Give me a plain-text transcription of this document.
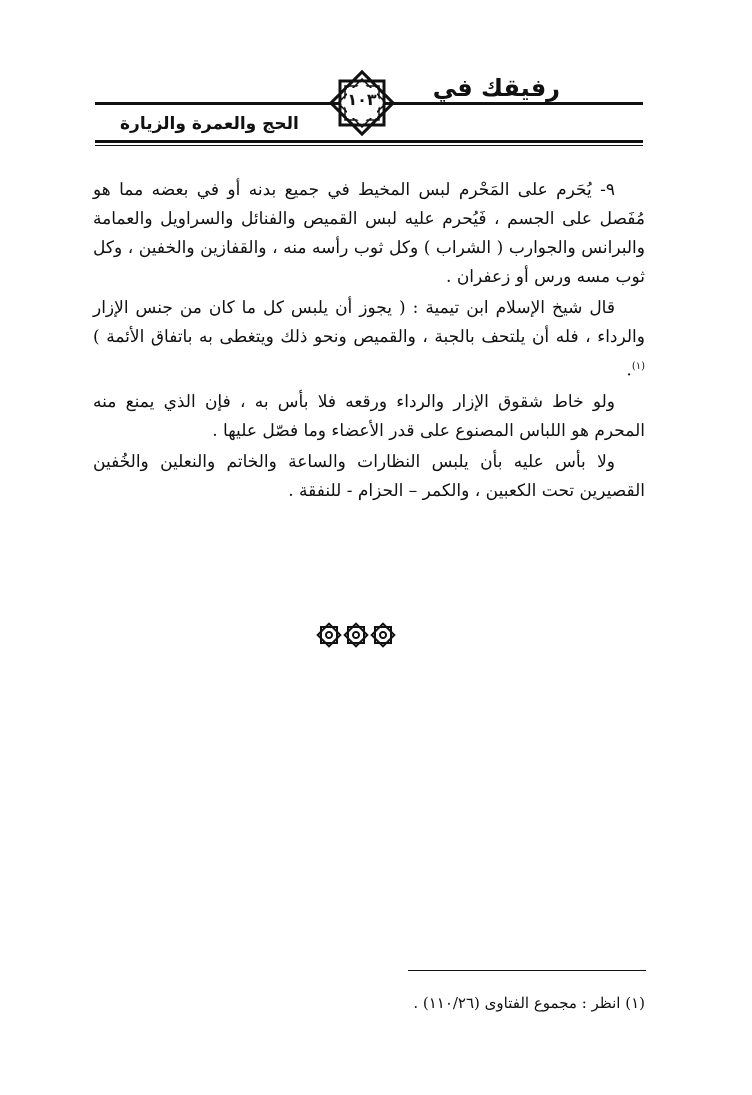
رفيقك في
١٠٣
الحج والعمرة والزيارة

٩- يُحَرم على المَحْرم لبس المخيط في جميع بدنه أو في بعضه مما هو مُفَصل على الجسم ، فَيُحرم عليه لبس القميص والفنائل والسراويل والعمامة والبرانس والجوارب ( الشراب ) وكل ثوب رأسه منه ، والقفازين والخفين ، وكل ثوب مسه ورس أو زعفران .

قال شيخ الإسلام ابن تيمية : ( يجوز أن يلبس كل ما كان من جنس الإزار والرداء ، فله أن يلتحف بالجبة ، والقميص ونحو ذلك ويتغطى به باتفاق الأئمة ) $^{(١)}$.

ولو خاط شقوق الإزار والرداء ورقعه فلا بأس به ، فإن الذي يمنع منه المحرم هو اللباس المصنوع على قدر الأعضاء وما فصّل عليها .

ولا بأس عليه بأن يلبس النظارات والساعة والخاتم والنعلين والخُفين القصيرين تحت الكعبين ، والكمر – الحزام - للنفقة .

(١) انظر : مجموع الفتاوى (١١٠/٢٦) .
